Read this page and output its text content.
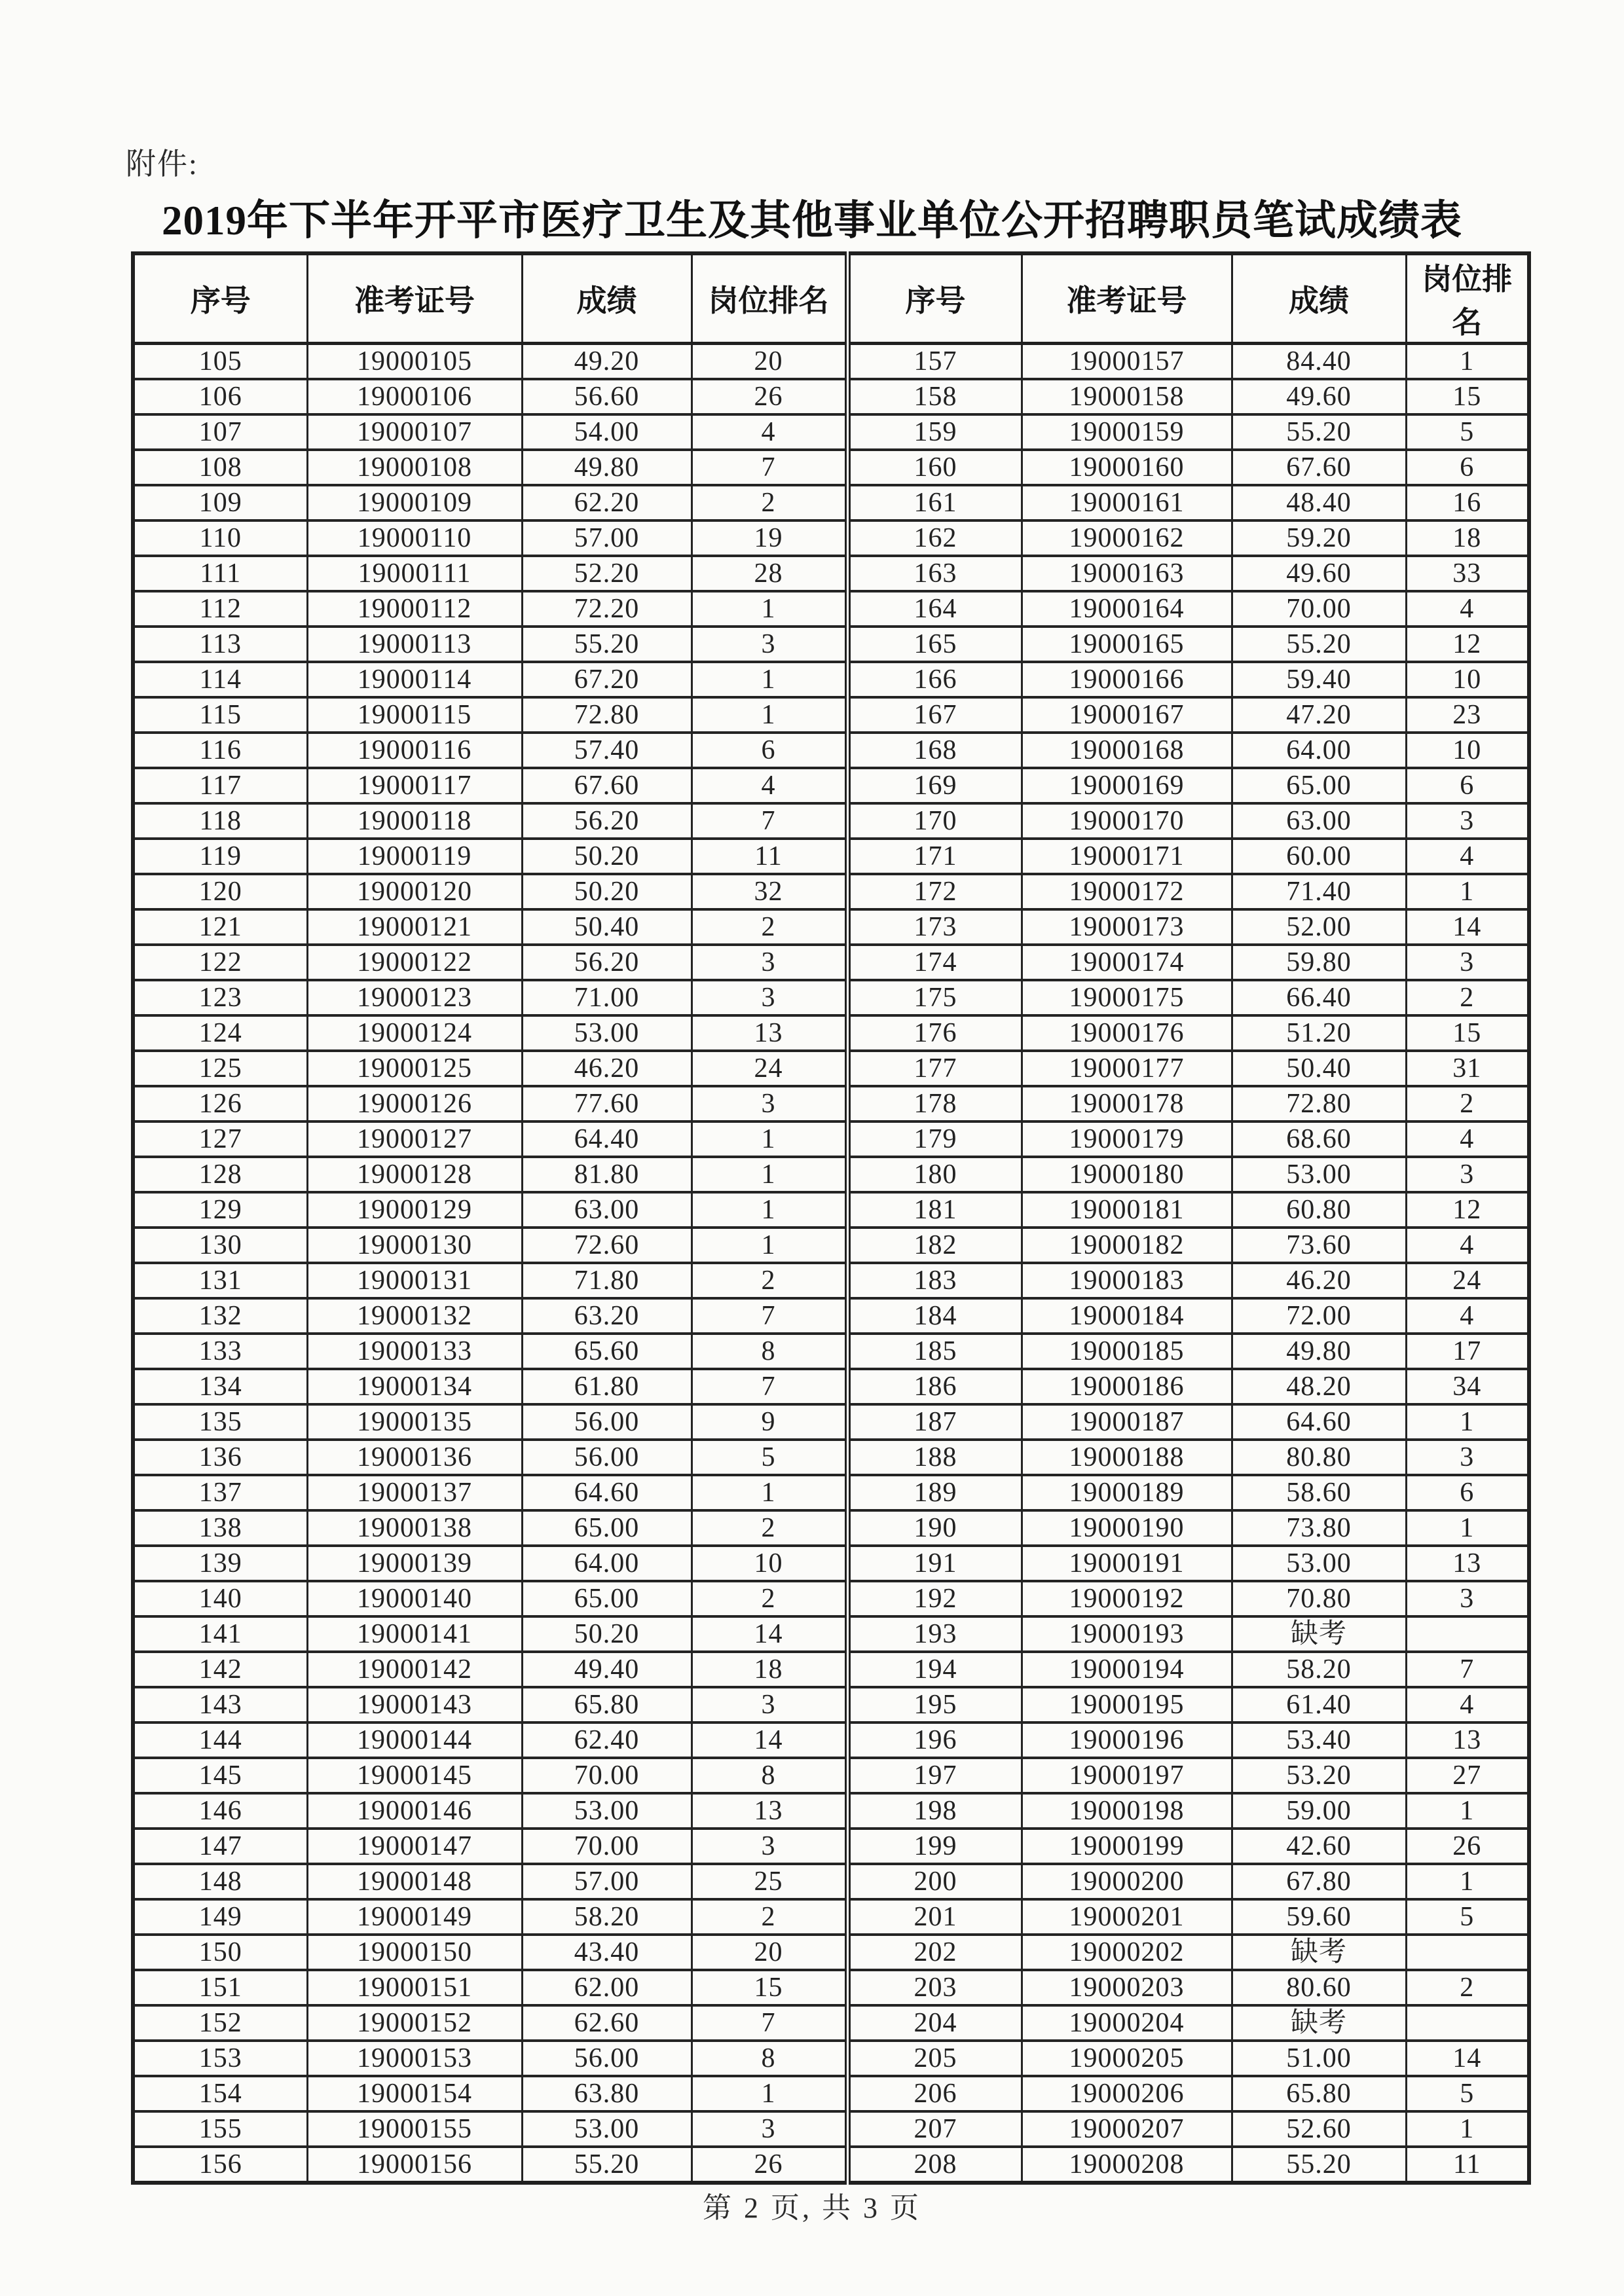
附件:
2019年下半年开平市医疗卫生及其他事业单位公开招聘职员笔试成绩表
序号	准考证号	成绩	岗位排名	序号	准考证号	成绩	岗位排名
105	19000105	49.20	20	157	19000157	84.40	1
106	19000106	56.60	26	158	19000158	49.60	15
107	19000107	54.00	4	159	19000159	55.20	5
108	19000108	49.80	7	160	19000160	67.60	6
109	19000109	62.20	2	161	19000161	48.40	16
110	19000110	57.00	19	162	19000162	59.20	18
111	19000111	52.20	28	163	19000163	49.60	33
112	19000112	72.20	1	164	19000164	70.00	4
113	19000113	55.20	3	165	19000165	55.20	12
114	19000114	67.20	1	166	19000166	59.40	10
115	19000115	72.80	1	167	19000167	47.20	23
116	19000116	57.40	6	168	19000168	64.00	10
117	19000117	67.60	4	169	19000169	65.00	6
118	19000118	56.20	7	170	19000170	63.00	3
119	19000119	50.20	11	171	19000171	60.00	4
120	19000120	50.20	32	172	19000172	71.40	1
121	19000121	50.40	2	173	19000173	52.00	14
122	19000122	56.20	3	174	19000174	59.80	3
123	19000123	71.00	3	175	19000175	66.40	2
124	19000124	53.00	13	176	19000176	51.20	15
125	19000125	46.20	24	177	19000177	50.40	31
126	19000126	77.60	3	178	19000178	72.80	2
127	19000127	64.40	1	179	19000179	68.60	4
128	19000128	81.80	1	180	19000180	53.00	3
129	19000129	63.00	1	181	19000181	60.80	12
130	19000130	72.60	1	182	19000182	73.60	4
131	19000131	71.80	2	183	19000183	46.20	24
132	19000132	63.20	7	184	19000184	72.00	4
133	19000133	65.60	8	185	19000185	49.80	17
134	19000134	61.80	7	186	19000186	48.20	34
135	19000135	56.00	9	187	19000187	64.60	1
136	19000136	56.00	5	188	19000188	80.80	3
137	19000137	64.60	1	189	19000189	58.60	6
138	19000138	65.00	2	190	19000190	73.80	1
139	19000139	64.00	10	191	19000191	53.00	13
140	19000140	65.00	2	192	19000192	70.80	3
141	19000141	50.20	14	193	19000193	缺考	
142	19000142	49.40	18	194	19000194	58.20	7
143	19000143	65.80	3	195	19000195	61.40	4
144	19000144	62.40	14	196	19000196	53.40	13
145	19000145	70.00	8	197	19000197	53.20	27
146	19000146	53.00	13	198	19000198	59.00	1
147	19000147	70.00	3	199	19000199	42.60	26
148	19000148	57.00	25	200	19000200	67.80	1
149	19000149	58.20	2	201	19000201	59.60	5
150	19000150	43.40	20	202	19000202	缺考	
151	19000151	62.00	15	203	19000203	80.60	2
152	19000152	62.60	7	204	19000204	缺考	
153	19000153	56.00	8	205	19000205	51.00	14
154	19000154	63.80	1	206	19000206	65.80	5
155	19000155	53.00	3	207	19000207	52.60	1
156	19000156	55.20	26	208	19000208	55.20	11
第 2 页, 共 3 页
